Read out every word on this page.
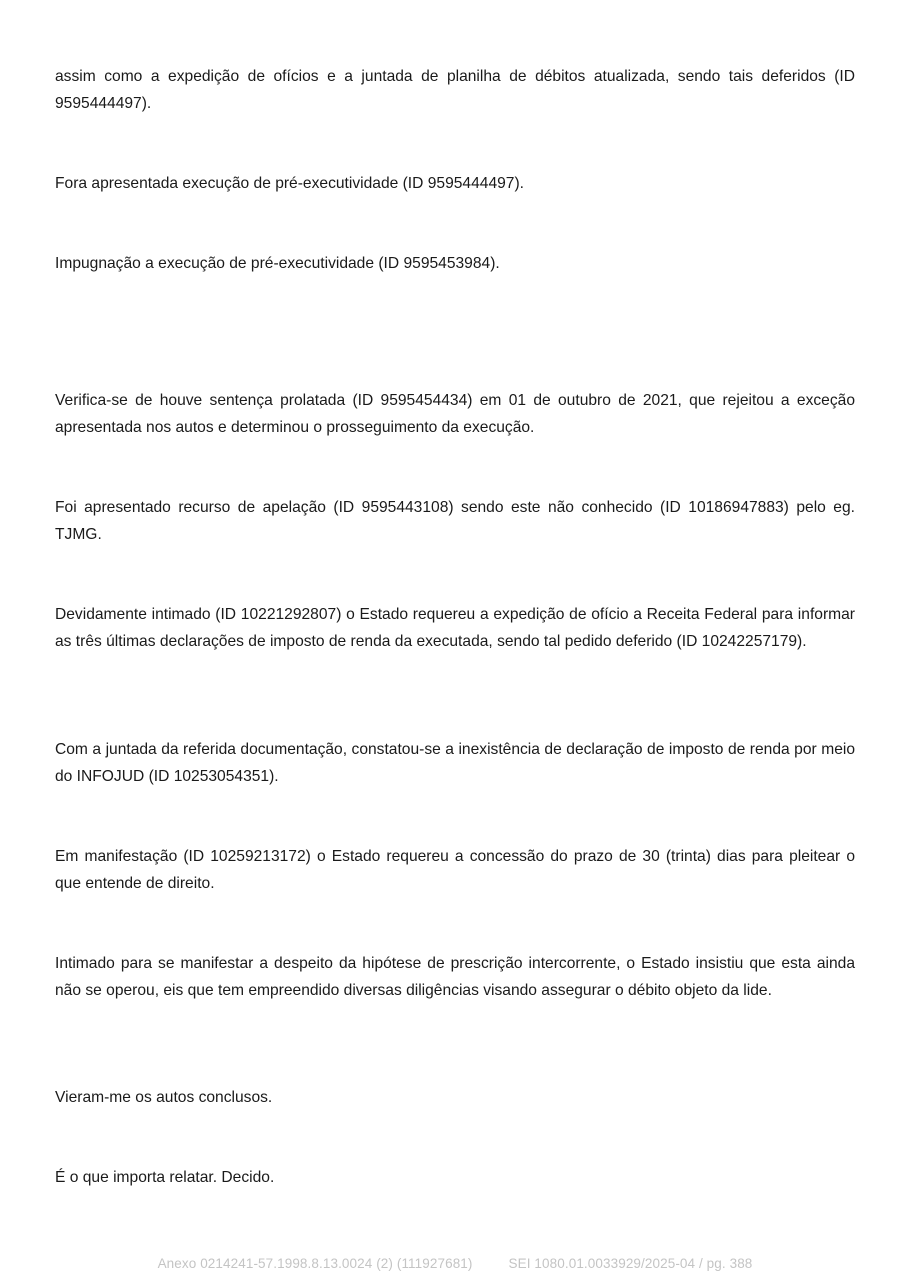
assim como a expedição de ofícios e a juntada de planilha de débitos atualizada, sendo tais deferidos (ID 9595444497).

Fora apresentada execução de pré-executividade (ID 9595444497).

Impugnação a execução de pré-executividade (ID 9595453984).

Verifica-se de houve sentença prolatada (ID 9595454434) em 01 de outubro de 2021, que rejeitou a exceção apresentada nos autos e determinou o prosseguimento da execução.

Foi apresentado recurso de apelação (ID 9595443108) sendo este não conhecido (ID 10186947883) pelo eg. TJMG.

Devidamente intimado (ID 10221292807) o Estado requereu a expedição de ofício a Receita Federal para informar as três últimas declarações de imposto de renda da executada, sendo tal pedido deferido (ID 10242257179).

Com a juntada da referida documentação, constatou-se a inexistência de declaração de imposto de renda por meio do INFOJUD (ID 10253054351).

Em manifestação (ID 10259213172) o Estado requereu a concessão do prazo de 30 (trinta) dias para pleitear o que entende de direito.

Intimado para se manifestar a despeito da hipótese de prescrição intercorrente, o Estado insistiu que esta ainda não se operou, eis que tem empreendido diversas diligências visando assegurar o débito objeto da lide.

Vieram-me os autos conclusos.

É o que importa relatar. Decido.

Anexo 0214241-57.1998.8.13.0024 (2) (111927681)	SEI 1080.01.0033929/2025-04 / pg. 388
